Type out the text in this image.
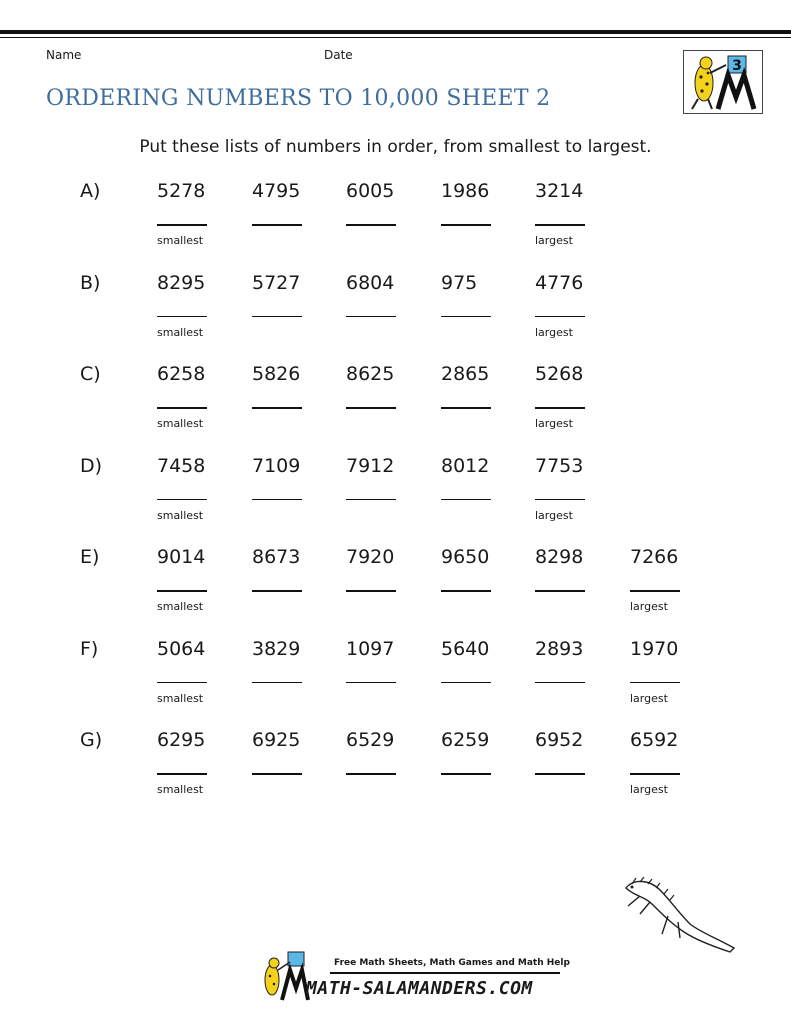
Name	Date
ORDERING NUMBERS TO 10,000 SHEET 2
3
Put these lists of numbers in order, from smallest to largest.
A)	5278 4795 6005 1986 3214
smallest	largest
B)	8295 5727 6804 975	4776
smallest	largest
C)	6258 5826 8625 2865 5268
smallest	largest
D)	7458 7109 7912 8012 7753
smallest	largest
E)	9014 8673 7920 9650 8298 7266
smallest	largest
F)	5064 3829 1097 5640 2893 1970
smallest	largest
G)	6295 6925 6529 6259 6952 6592
smallest	largest
Free Math Sheets, Math Games and Math Help
MATH-SALAMANDERS.COM
